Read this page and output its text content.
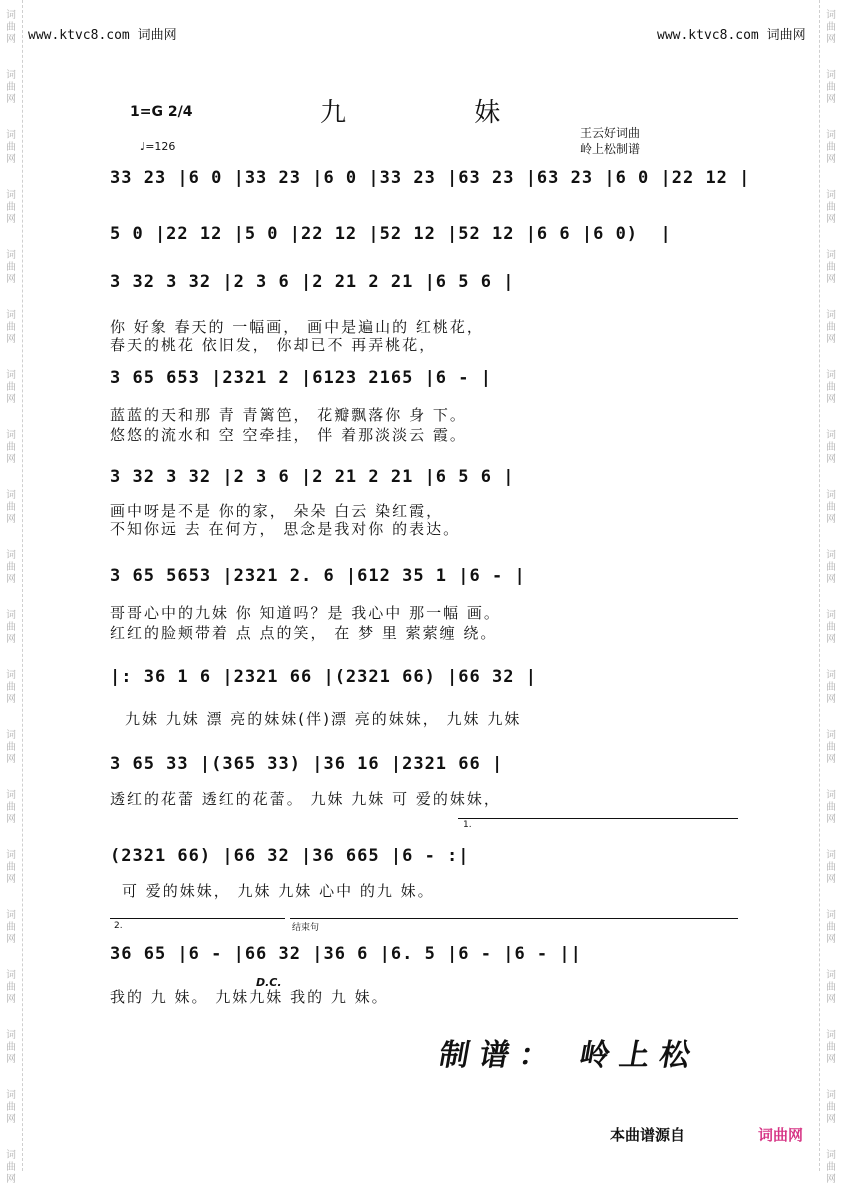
词
曲
网
词
曲
网
词
曲
网
词
曲
网
词
曲
网
词
曲
网
词
曲
网
词
曲
网
词
曲
网
词
曲
网
词
曲
网
词
曲
网
词
曲
网
词
曲
网
词
曲
网
词
曲
网
词
曲
网
词
曲
网
词
曲
网
词
曲
网
词
曲
网
词
曲
网
词
曲
网
词
曲
网
词
曲
网
词
曲
网
词
曲
网
词
曲
网
词
曲
网
词
曲
网
词
曲
网
词
曲
网
词
曲
网
词
曲
网
词
曲
网
词
曲
网
词
曲
网
词
曲
网
词
曲
网
词
曲
网
www.ktvc8.com 词曲网	www.ktvc8.com 词曲网
九 妹
1=G 2/4
♩=126
王云好词曲
岭上松制谱
33 23 |6 0 |33 23 |6 0 |33 23 |63 23 |63 23 |6 0 |22 12 |
5 0 |22 12 |5 0 |22 12 |52 12 |52 12 |6 6 |6 0)  |
3 32 3 32 |2 3 6 |2 21 2 21 |6 5 6 |
你 好象 春天的 一幅画， 画中是遍山的 红桃花，
春天的桃花 依旧发， 你却已不 再弄桃花，
3 65 653 |2321 2 |6123 2165 |6 - |
蓝蓝的天和那 青 青篱笆， 花瓣飘落你 身 下。
悠悠的流水和 空 空牵挂， 伴 着那淡淡云 霞。
3 32 3 32 |2 3 6 |2 21 2 21 |6 5 6 |
画中呀是不是 你的家， 朵朵 白云 染红霞，
不知你远 去 在何方， 思念是我对你 的表达。
3 65 5653 |2321 2. 6 |612 35 1 |6 - |
哥哥心中的九妹 你 知道吗？是 我心中 那一幅 画。
红红的脸颊带着 点 点的笑， 在 梦 里 萦萦缠 绕。
|: 36 1 6 |2321 66 |(2321 66) |66 32 |
九妹 九妹 漂 亮的妹妹(伴)漂 亮的妹妹， 九妹 九妹
3 65 33 |(365 33) |36 16 |2321 66 |
透红的花蕾 透红的花蕾。 九妹 九妹 可 爱的妹妹，
1.
(2321 66) |66 32 |36 665 |6 - :|
可 爱的妹妹， 九妹 九妹 心中 的九 妹。
2.	结束句
36 65 |6 - |66 32 |36 6 |6. 5 |6 - |6 - ||
D.C.
我的 九 妹。 九妹九妹 我的 九 妹。
制谱： 岭上松
本曲谱源自	词曲网
